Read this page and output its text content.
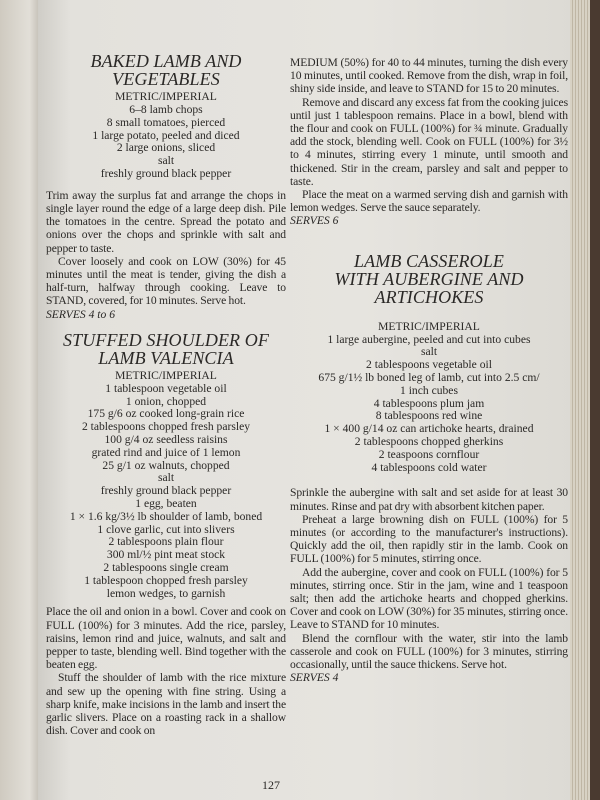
BAKED LAMB AND VEGETABLES
METRIC/IMPERIAL
6–8 lamb chops
8 small tomatoes, pierced
1 large potato, peeled and diced
2 large onions, sliced
salt
freshly ground black pepper

Trim away the surplus fat and arrange the chops in single layer round the edge of a large deep dish. Pile the tomatoes in the centre. Spread the potato and onions over the chops and sprinkle with salt and pepper to taste.

Cover loosely and cook on LOW (30%) for 45 minutes until the meat is tender, giving the dish a half-turn, halfway through cooking. Leave to STAND, covered, for 10 minutes. Serve hot.

SERVES 4 to 6
STUFFED SHOULDER OF LAMB VALENCIA
METRIC/IMPERIAL
1 tablespoon vegetable oil
1 onion, chopped
175 g/6 oz cooked long-grain rice
2 tablespoons chopped fresh parsley
100 g/4 oz seedless raisins
grated rind and juice of 1 lemon
25 g/1 oz walnuts, chopped
salt
freshly ground black pepper
1 egg, beaten
1 × 1.6 kg/3½ lb shoulder of lamb, boned
1 clove garlic, cut into slivers
2 tablespoons plain flour
300 ml/½ pint meat stock
2 tablespoons single cream
1 tablespoon chopped fresh parsley
lemon wedges, to garnish

Place the oil and onion in a bowl. Cover and cook on FULL (100%) for 3 minutes. Add the rice, parsley, raisins, lemon rind and juice, walnuts, and salt and pepper to taste, blending well. Bind together with the beaten egg.

Stuff the shoulder of lamb with the rice mixture and sew up the opening with fine string. Using a sharp knife, make incisions in the lamb and insert the garlic slivers. Place on a roasting rack in a shallow dish. Cover and cook on

MEDIUM (50%) for 40 to 44 minutes, turning the dish every 10 minutes, until cooked. Remove from the dish, wrap in foil, shiny side inside, and leave to STAND for 15 to 20 minutes.

Remove and discard any excess fat from the cooking juices until just 1 tablespoon remains. Place in a bowl, blend with the flour and cook on FULL (100%) for ¾ minute. Gradually add the stock, blending well. Cook on FULL (100%) for 3½ to 4 minutes, stirring every 1 minute, until smooth and thickened. Stir in the cream, parsley and salt and pepper to taste.

Place the meat on a warmed serving dish and garnish with lemon wedges. Serve the sauce separately.

SERVES 6
LAMB CASSEROLE WITH AUBERGINE AND ARTICHOKES
METRIC/IMPERIAL
1 large aubergine, peeled and cut into cubes
salt
2 tablespoons vegetable oil
675 g/1½ lb boned leg of lamb, cut into 2.5 cm/
1 inch cubes
4 tablespoons plum jam
8 tablespoons red wine
1 × 400 g/14 oz can artichoke hearts, drained
2 tablespoons chopped gherkins
2 teaspoons cornflour
4 tablespoons cold water

Sprinkle the aubergine with salt and set aside for at least 30 minutes. Rinse and pat dry with absorbent kitchen paper.

Preheat a large browning dish on FULL (100%) for 5 minutes (or according to the manufacturer's instructions). Quickly add the oil, then rapidly stir in the lamb. Cook on FULL (100%) for 5 minutes, stirring once.

Add the aubergine, cover and cook on FULL (100%) for 5 minutes, stirring once. Stir in the jam, wine and 1 teaspoon salt; then add the artichoke hearts and chopped gherkins. Cover and cook on LOW (30%) for 35 minutes, stirring once. Leave to STAND for 10 minutes.

Blend the cornflour with the water, stir into the lamb casserole and cook on FULL (100%) for 3 minutes, stirring occasionally, until the sauce thickens. Serve hot.

SERVES 4
127
